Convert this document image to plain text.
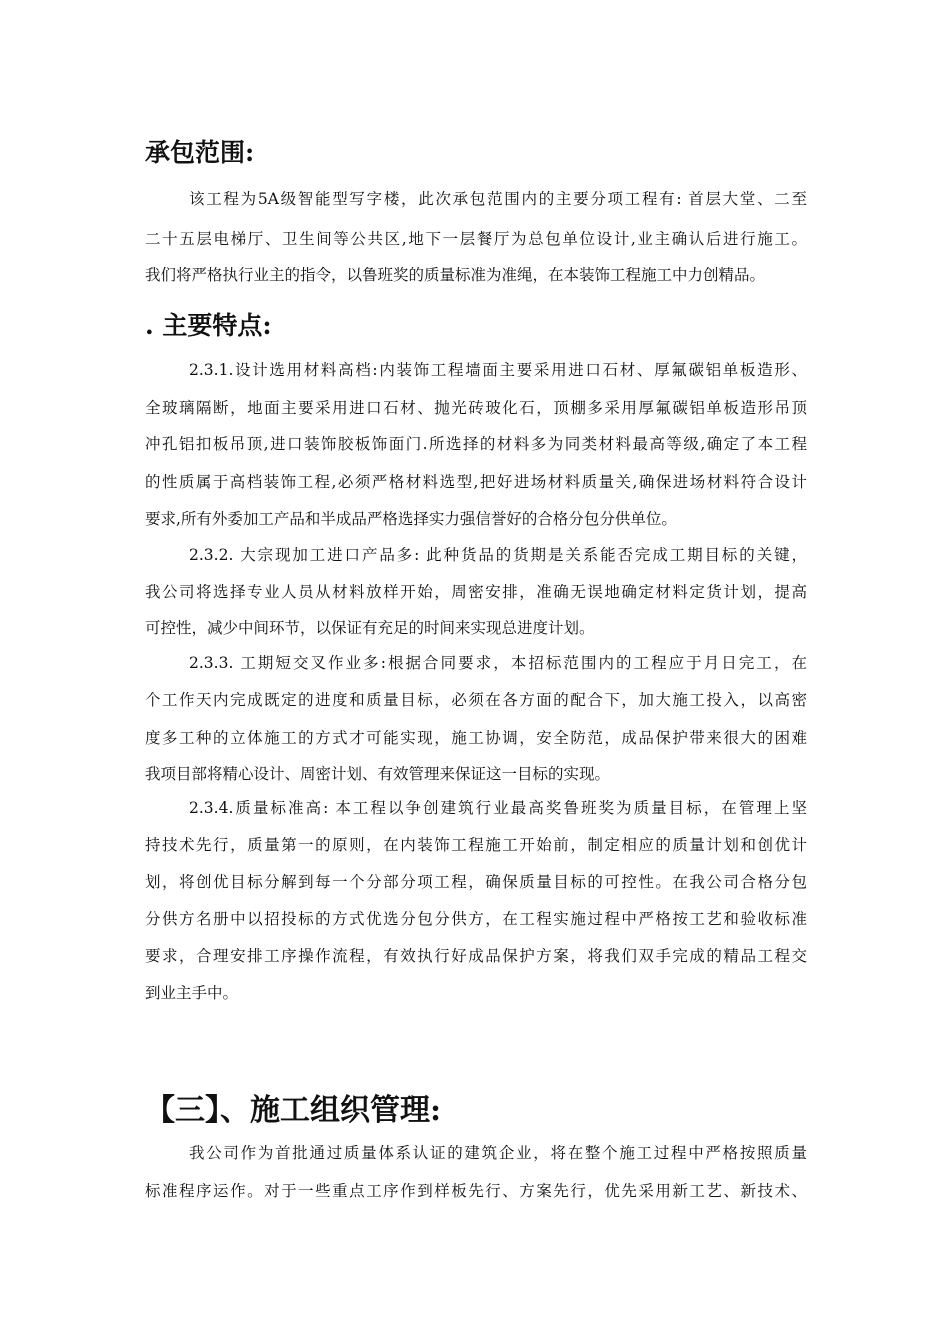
承包范围:

该工程为5A级智能型写字楼，此次承包范围内的主要分项工程有: 首层大堂、二至

二十五层电梯厅、卫生间等公共区,地下一层餐厅为总包单位设计,业主确认后进行施工。

我们将严格执行业主的指令，以鲁班奖的质量标准为准绳，在本装饰工程施工中力创精品。

. 主要特点:

2.3.1.设计选用材料高档:内装饰工程墙面主要采用进口石材、厚氟碳铝单板造形、

全玻璃隔断，地面主要采用进口石材、抛光砖玻化石，顶棚多采用厚氟碳铝单板造形吊顶

冲孔铝扣板吊顶,进口装饰胶板饰面门.所选择的材料多为同类材料最高等级,确定了本工程

的性质属于高档装饰工程,必须严格材料选型,把好进场材料质量关,确保进场材料符合设计

要求,所有外委加工产品和半成品严格选择实力强信誉好的合格分包分供单位。

2.3.2. 大宗现加工进口产品多: 此种货品的货期是关系能否完成工期目标的关键，

我公司将选择专业人员从材料放样开始，周密安排，准确无误地确定材料定货计划，提高

可控性，减少中间环节，以保证有充足的时间来实现总进度计划。

2.3.3. 工期短交叉作业多:根据合同要求，本招标范围内的工程应于月日完工，在

个工作天内完成既定的进度和质量目标，必须在各方面的配合下，加大施工投入，以高密

度多工种的立体施工的方式才可能实现，施工协调，安全防范，成品保护带来很大的困难

我项目部将精心设计、周密计划、有效管理来保证这一目标的实现。

2.3.4.质量标准高: 本工程以争创建筑行业最高奖鲁班奖为质量目标，在管理上坚

持技术先行，质量第一的原则，在内装饰工程施工开始前，制定相应的质量计划和创优计

划，将创优目标分解到每一个分部分项工程，确保质量目标的可控性。在我公司合格分包

分供方名册中以招投标的方式优选分包分供方，在工程实施过程中严格按工艺和验收标准

要求，合理安排工序操作流程，有效执行好成品保护方案，将我们双手完成的精品工程交

到业主手中。

【三】、施工组织管理:

我公司作为首批通过质量体系认证的建筑企业，将在整个施工过程中严格按照质量

标准程序运作。对于一些重点工序作到样板先行、方案先行，优先采用新工艺、新技术、
